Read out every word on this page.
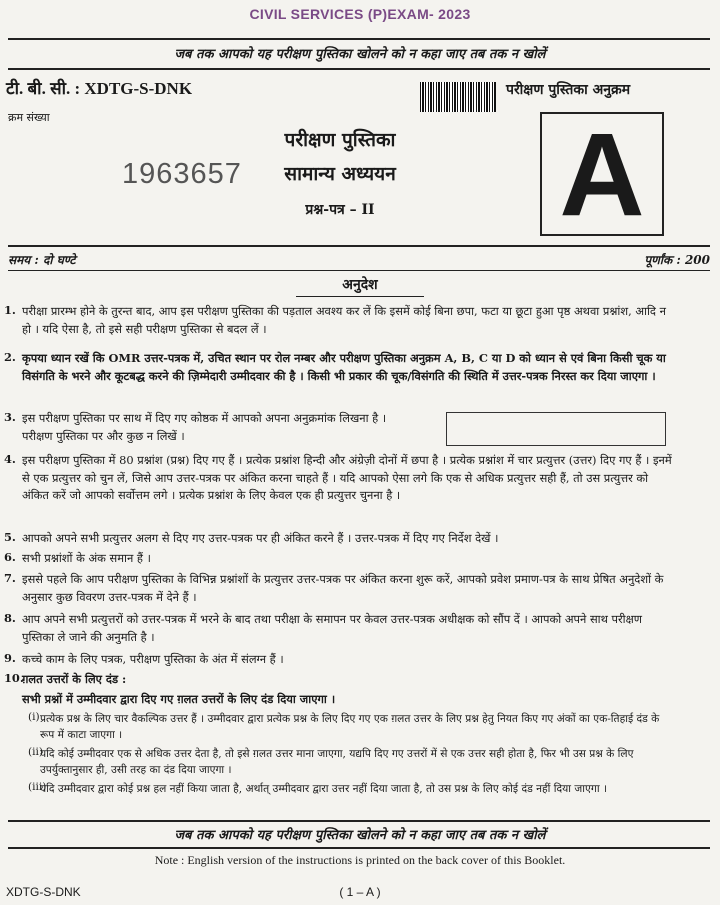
CIVIL SERVICES (P)EXAM- 2023
जब तक आपको यह परीक्षण पुस्तिका खोलने को न कहा जाए तब तक न खोलें
टी. बी. सी. : XDTG-S-DNK	परीक्षण पुस्तिका अनुक्रम
क्रम संख्या
1963657
परीक्षण पुस्तिका
सामान्य अध्ययन
प्रश्न-पत्र – II	A
समय : दो घण्टे	पूर्णांक : 200
अनुदेश
1. परीक्षा प्रारम्भ होने के तुरन्त बाद, आप इस परीक्षण पुस्तिका की पड़ताल अवश्य कर लें कि इसमें कोई बिना छपा, फटा या छूटा हुआ पृष्ठ अथवा प्रश्नांश, आदि न हो । यदि ऐसा है, तो इसे सही परीक्षण पुस्तिका से बदल लें ।
2. कृपया ध्यान रखें कि OMR उत्तर-पत्रक में, उचित स्थान पर रोल नम्बर और परीक्षण पुस्तिका अनुक्रम A, B, C या D को ध्यान से एवं बिना किसी चूक या विसंगति के भरने और कूटबद्ध करने की ज़िम्मेदारी उम्मीदवार की है । किसी भी प्रकार की चूक/विसंगति की स्थिति में उत्तर-पत्रक निरस्त कर दिया जाएगा ।
3. इस परीक्षण पुस्तिका पर साथ में दिए गए कोष्ठक में आपको अपना अनुक्रमांक लिखना है । परीक्षण पुस्तिका पर और कुछ न लिखें ।
4. इस परीक्षण पुस्तिका में 80 प्रश्नांश (प्रश्न) दिए गए हैं । प्रत्येक प्रश्नांश हिन्दी और अंग्रेज़ी दोनों में छपा है । प्रत्येक प्रश्नांश में चार प्रत्युत्तर (उत्तर) दिए गए हैं । इनमें से एक प्रत्युत्तर को चुन लें, जिसे आप उत्तर-पत्रक पर अंकित करना चाहते हैं । यदि आपको ऐसा लगे कि एक से अधिक प्रत्युत्तर सही हैं, तो उस प्रत्युत्तर को अंकित करें जो आपको सर्वोत्तम लगे । प्रत्येक प्रश्नांश के लिए केवल एक ही प्रत्युत्तर चुनना है ।
5. आपको अपने सभी प्रत्युत्तर अलग से दिए गए उत्तर-पत्रक पर ही अंकित करने हैं । उत्तर-पत्रक में दिए गए निर्देश देखें ।
6. सभी प्रश्नांशों के अंक समान हैं ।
7. इससे पहले कि आप परीक्षण पुस्तिका के विभिन्न प्रश्नांशों के प्रत्युत्तर उत्तर-पत्रक पर अंकित करना शुरू करें, आपको प्रवेश प्रमाण-पत्र के साथ प्रेषित अनुदेशों के अनुसार कुछ विवरण उत्तर-पत्रक में देने हैं ।
8. आप अपने सभी प्रत्युत्तरों को उत्तर-पत्रक में भरने के बाद तथा परीक्षा के समापन पर केवल उत्तर-पत्रक अधीक्षक को सौंप दें । आपको अपने साथ परीक्षण पुस्तिका ले जाने की अनुमति है ।
9. कच्चे काम के लिए पत्रक, परीक्षण पुस्तिका के अंत में संलग्न हैं ।
10.
ग़लत उत्तरों के लिए दंड :
सभी प्रश्नों में उम्मीदवार द्वारा दिए गए ग़लत उत्तरों के लिए दंड दिया जाएगा ।
(i) प्रत्येक प्रश्न के लिए चार वैकल्पिक उत्तर हैं । उम्मीदवार द्वारा प्रत्येक प्रश्न के लिए दिए गए एक ग़लत उत्तर के लिए प्रश्न हेतु नियत किए गए अंकों का एक-तिहाई दंड के रूप में काटा जाएगा ।
(ii)
यदि कोई उम्मीदवार एक से अधिक उत्तर देता है, तो इसे ग़लत उत्तर माना जाएगा, यद्यपि दिए गए उत्तरों में से एक उत्तर सही होता है, फिर भी उस प्रश्न के लिए उपर्युक्तानुसार ही, उसी तरह का दंड दिया जाएगा ।
(iii)
यदि उम्मीदवार द्वारा कोई प्रश्न हल नहीं किया जाता है, अर्थात् उम्मीदवार द्वारा उत्तर नहीं दिया जाता है, तो उस प्रश्न के लिए कोई दंड नहीं दिया जाएगा ।
जब तक आपको यह परीक्षण पुस्तिका खोलने को न कहा जाए तब तक न खोलें
Note : English version of the instructions is printed on the back cover of this Booklet.
XDTG-S-DNK	( 1 – A )
